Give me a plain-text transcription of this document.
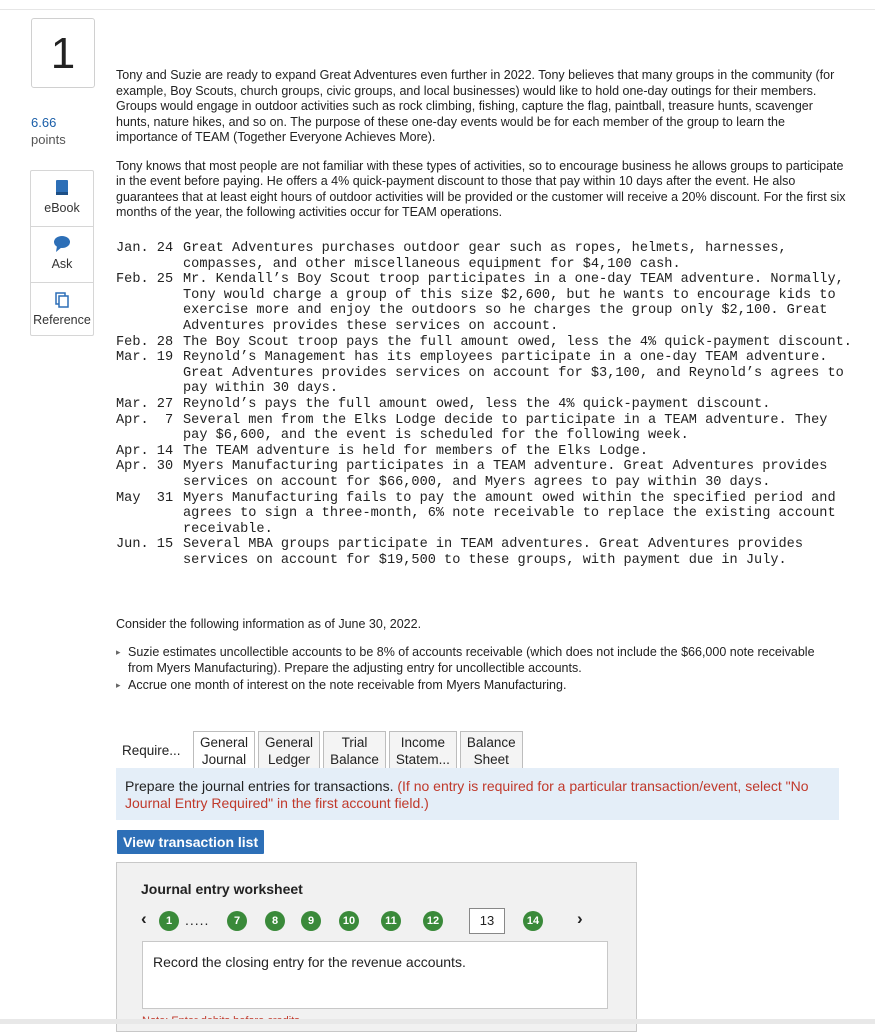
1
6.66
points
eBook
Ask
Reference

Tony and Suzie are ready to expand Great Adventures even further in 2022. Tony believes that many groups in the community (for example, Boy Scouts, church groups, civic groups, and local businesses) would like to hold one-day outings for their members. Groups would engage in outdoor activities such as rock climbing, fishing, capture the flag, paintball, treasure hunts, scavenger hunts, nature hikes, and so on. The purpose of these one-day events would be for each member of the group to learn the importance of TEAM (Together Everyone Achieves More).

Tony knows that most people are not familiar with these types of activities, so to encourage business he allows groups to participate in the event before paying. He offers a 4% quick-payment discount to those that pay within 10 days after the event. He also guarantees that at least eight hours of outdoor activities will be provided or the customer will receive a 20% discount. For the first six months of the year, the following activities occur for TEAM operations.

Jan. 24 Great Adventures purchases outdoor gear such as ropes, helmets, harnesses, compasses, and other miscellaneous equipment for $4,100 cash.
Feb. 25 Mr. Kendall’s Boy Scout troop participates in a one-day TEAM adventure. Normally, Tony would charge a group of this size $2,600, but he wants to encourage kids to exercise more and enjoy the outdoors so he charges the group only $2,100. Great Adventures provides these services on account.
Feb. 28 The Boy Scout troop pays the full amount owed, less the 4% quick-payment discount.
Mar. 19 Reynold’s Management has its employees participate in a one-day TEAM adventure. Great Adventures provides services on account for $3,100, and Reynold’s agrees to pay within 30 days.
Mar. 27 Reynold’s pays the full amount owed, less the 4% quick-payment discount.
Apr.  7 Several men from the Elks Lodge decide to participate in a TEAM adventure. They pay $6,600, and the event is scheduled for the following week.
Apr. 14 The TEAM adventure is held for members of the Elks Lodge.
Apr. 30 Myers Manufacturing participates in a TEAM adventure. Great Adventures provides services on account for $66,000, and Myers agrees to pay within 30 days.
May  31 Myers Manufacturing fails to pay the amount owed within the specified period and agrees to sign a three-month, 6% note receivable to replace the existing account receivable.
Jun. 15 Several MBA groups participate in TEAM adventures. Great Adventures provides services on account for $19,500 to these groups, with payment due in July.
Consider the following information as of June 30, 2022.
▸ Suzie estimates uncollectible accounts to be 8% of accounts receivable (which does not include the $66,000 note receivable from Myers Manufacturing). Prepare the adjusting entry for uncollectible accounts.
▸ Accrue one month of interest on the note receivable from Myers Manufacturing.
Require...
General
Journal
General
Ledger
Trial
Balance
Income
Statem...
Balance
Sheet
Prepare the journal entries for transactions. (If no entry is required for a particular transaction/event, select "No Journal Entry Required" in the first account field.)
View transaction list
Journal entry worksheet
‹	1 .....	7	8	9	10	11	12	13	14 ›
Record the closing entry for the revenue accounts.
